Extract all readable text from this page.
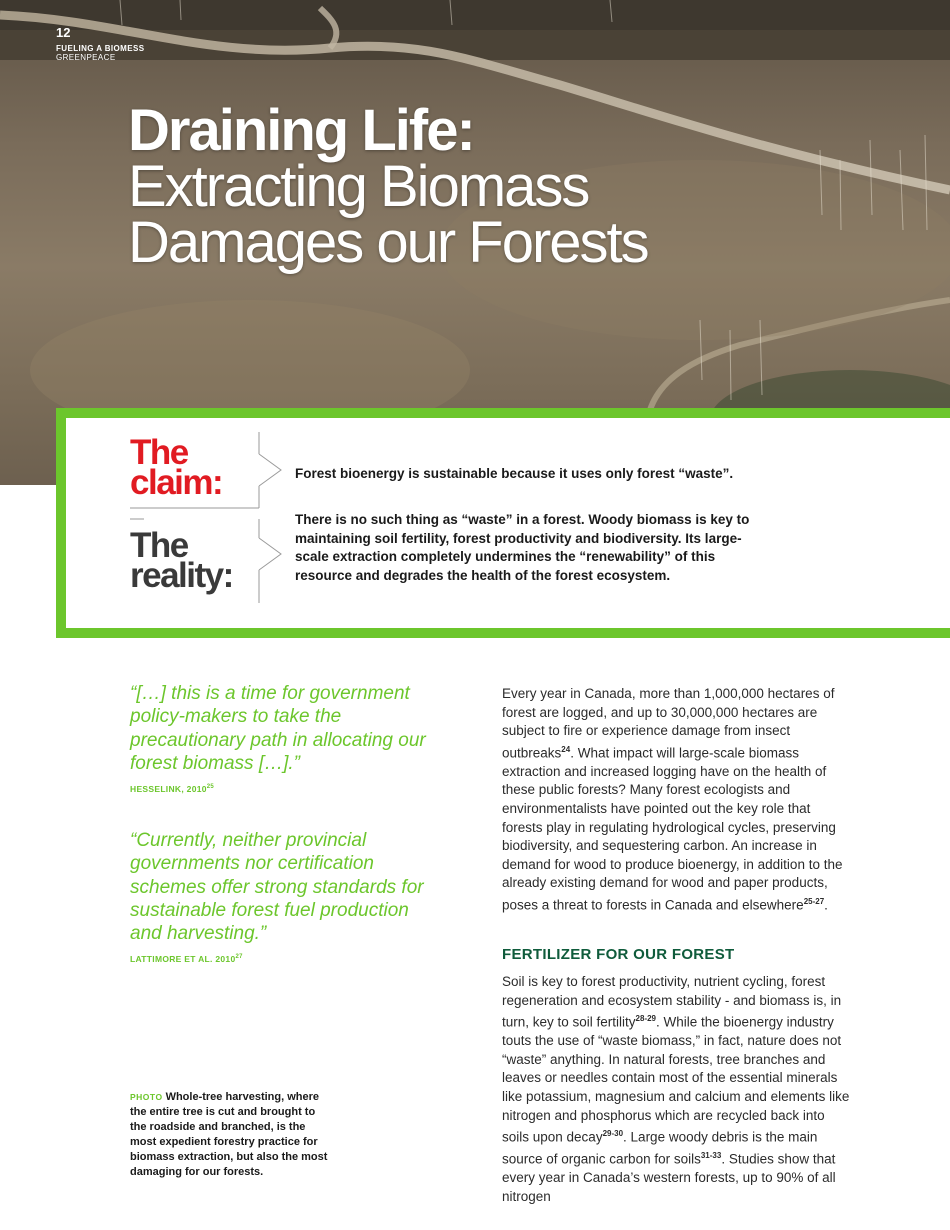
12
FUELING A BIOMESS
GREENPEACE
Draining Life:
Extracting Biomass
Damages our Forests
The
claim:	Forest bioenergy is sustainable because it uses only forest “waste”.

The
reality:

There is no such thing as “waste” in a forest. Woody biomass is key to maintaining soil fertility, forest productivity and biodiversity. Its large-scale extraction completely undermines the “renewability” of this resource and degrades the health of the forest ecosystem.

“[…] this is a time for government policy-makers to take the precautionary path in allocating our forest biomass […].”

HESSELINK, 2010$^{25}$

“Currently, neither provincial governments nor certification schemes offer strong standards for sustainable forest fuel production and harvesting.”

LATTIMORE ET AL. 2010$^{27}$

PHOTO Whole-tree harvesting, where the entire tree is cut and brought to the roadside and branched, is the most expedient forestry practice for biomass extraction, but also the most damaging for our forests.

Every year in Canada, more than 1,000,000 hectares of forest are logged, and up to 30,000,000 hectares are subject to fire or experience damage from insect outbreaks$^{24}$. What impact will large-scale biomass extraction and increased logging have on the health of these public forests? Many forest ecologists and environmentalists have pointed out the key role that forests play in regulating hydrological cycles, preserving biodiversity, and sequestering carbon. An increase in demand for wood to produce bioenergy, in addition to the already existing demand for wood and paper products, poses a threat to forests in Canada and elsewhere$^{25-27}$.

FERTILIZER FOR OUR FOREST

Soil is key to forest productivity, nutrient cycling, forest regeneration and ecosystem stability - and biomass is, in turn, key to soil fertility$^{28-29}$. While the bioenergy industry touts the use of “waste biomass,” in fact, nature does not “waste” anything. In natural forests, tree branches and leaves or needles contain most of the essential minerals like potassium, magnesium and calcium and elements like nitrogen and phosphorus which are recycled back into soils upon decay$^{29-30}$. Large woody debris is the main source of organic carbon for soils$^{31-33}$. Studies show that every year in Canada’s western forests, up to 90% of all nitrogen
